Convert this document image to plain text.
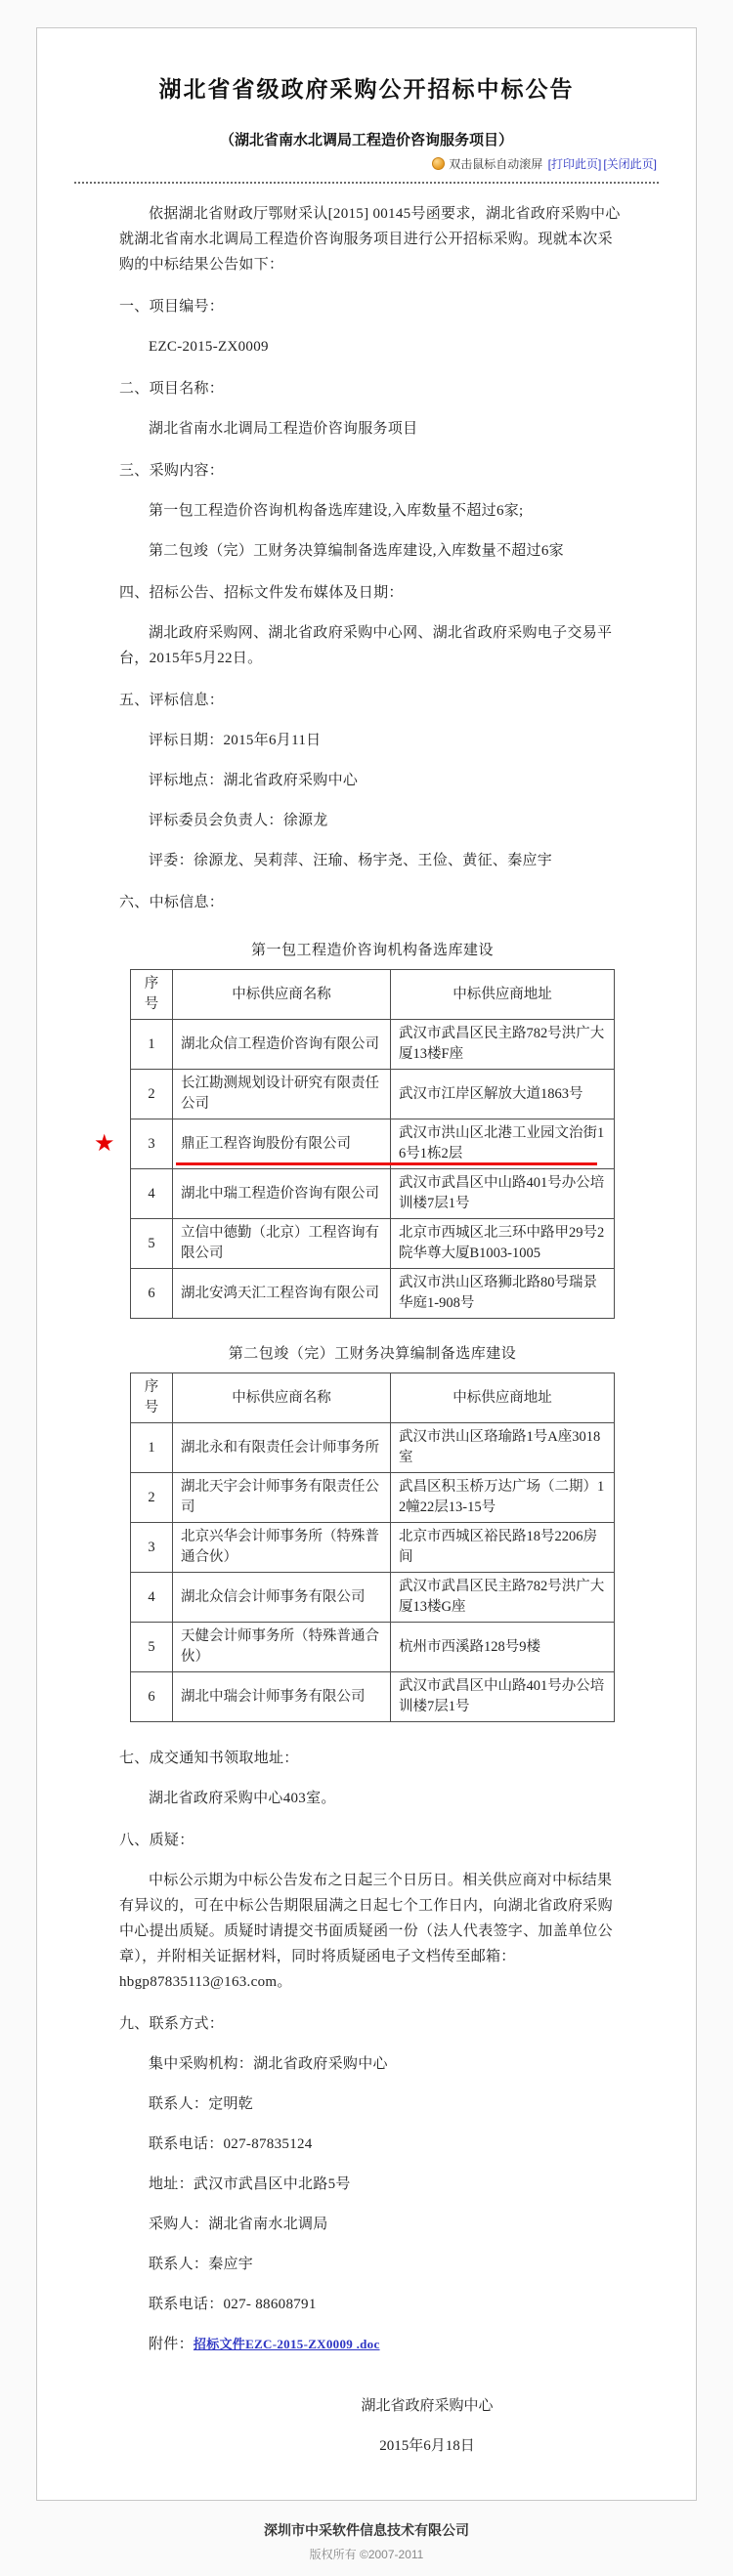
湖北省省级政府采购公开招标中标公告
（湖北省南水北调局工程造价咨询服务项目）
双击鼠标自动滚屏 [打印此页] [关闭此页]

依据湖北省财政厅鄂财采认[2015] 00145号函要求，湖北省政府采购中心就湖北省南水北调局工程造价咨询服务项目进行公开招标采购。现就本次采购的中标结果公告如下：

一、项目编号：

EZC-2015-ZX0009

二、项目名称：

湖北省南水北调局工程造价咨询服务项目

三、采购内容：

第一包工程造价咨询机构备选库建设,入库数量不超过6家;

第二包竣（完）工财务决算编制备选库建设,入库数量不超过6家

四、招标公告、招标文件发布媒体及日期：

湖北政府采购网、湖北省政府采购中心网、湖北省政府采购电子交易平台，2015年5月22日。

五、评标信息：

评标日期：2015年6月11日

评标地点：湖北省政府采购中心

评标委员会负责人：徐源龙

评委：徐源龙、吴莉萍、汪瑜、杨宇尧、王俭、黄征、秦应宇

六、中标信息：
第一包工程造价咨询机构备选库建设
序号	中标供应商名称	中标供应商地址
1	湖北众信工程造价咨询有限公司	武汉市武昌区民主路782号洪广大厦13楼F座
2	长江勘测规划设计研究有限责任公司	武汉市江岸区解放大道1863号

★ 3	鼎正工程咨询股份有限公司	武汉市洪山区北港工业园文治街16号1栋2层
4	湖北中瑞工程造价咨询有限公司	武汉市武昌区中山路401号办公培训楼7层1号
5	立信中德勤（北京）工程咨询有限公司	北京市西城区北三环中路甲29号2院华尊大厦B1003-1005
6	湖北安鸿天汇工程咨询有限公司	武汉市洪山区珞狮北路80号瑞景华庭1-908号
第二包竣（完）工财务决算编制备选库建设
序号	中标供应商名称	中标供应商地址
1	湖北永和有限责任会计师事务所	武汉市洪山区珞瑜路1号A座3018室
2	湖北天宇会计师事务有限责任公司	武昌区积玉桥万达广场（二期）12幢22层13-15号
3	北京兴华会计师事务所（特殊普通合伙）	北京市西城区裕民路18号2206房间
4	湖北众信会计师事务有限公司	武汉市武昌区民主路782号洪广大厦13楼G座
5	天健会计师事务所（特殊普通合伙）	杭州市西溪路128号9楼
6	湖北中瑞会计师事务有限公司	武汉市武昌区中山路401号办公培训楼7层1号
七、成交通知书领取地址：

湖北省政府采购中心403室。

八、质疑：

中标公示期为中标公告发布之日起三个日历日。相关供应商对中标结果有异议的，可在中标公告期限届满之日起七个工作日内，向湖北省政府采购中心提出质疑。质疑时请提交书面质疑函一份（法人代表签字、加盖单位公章），并附相关证据材料，同时将质疑函电子文档传至邮箱：hbgp87835113@163.com。

九、联系方式：

集中采购机构：湖北省政府采购中心

联系人：定明乾

联系电话：027-87835124

地址：武汉市武昌区中北路5号

采购人：湖北省南水北调局

联系人：秦应宇

联系电话：027- 88608791

附件：招标文件EZC-2015-ZX0009 .doc

湖北省政府采购中心

2015年6月18日

深圳市中采软件信息技术有限公司
版权所有 ©2007-2011
